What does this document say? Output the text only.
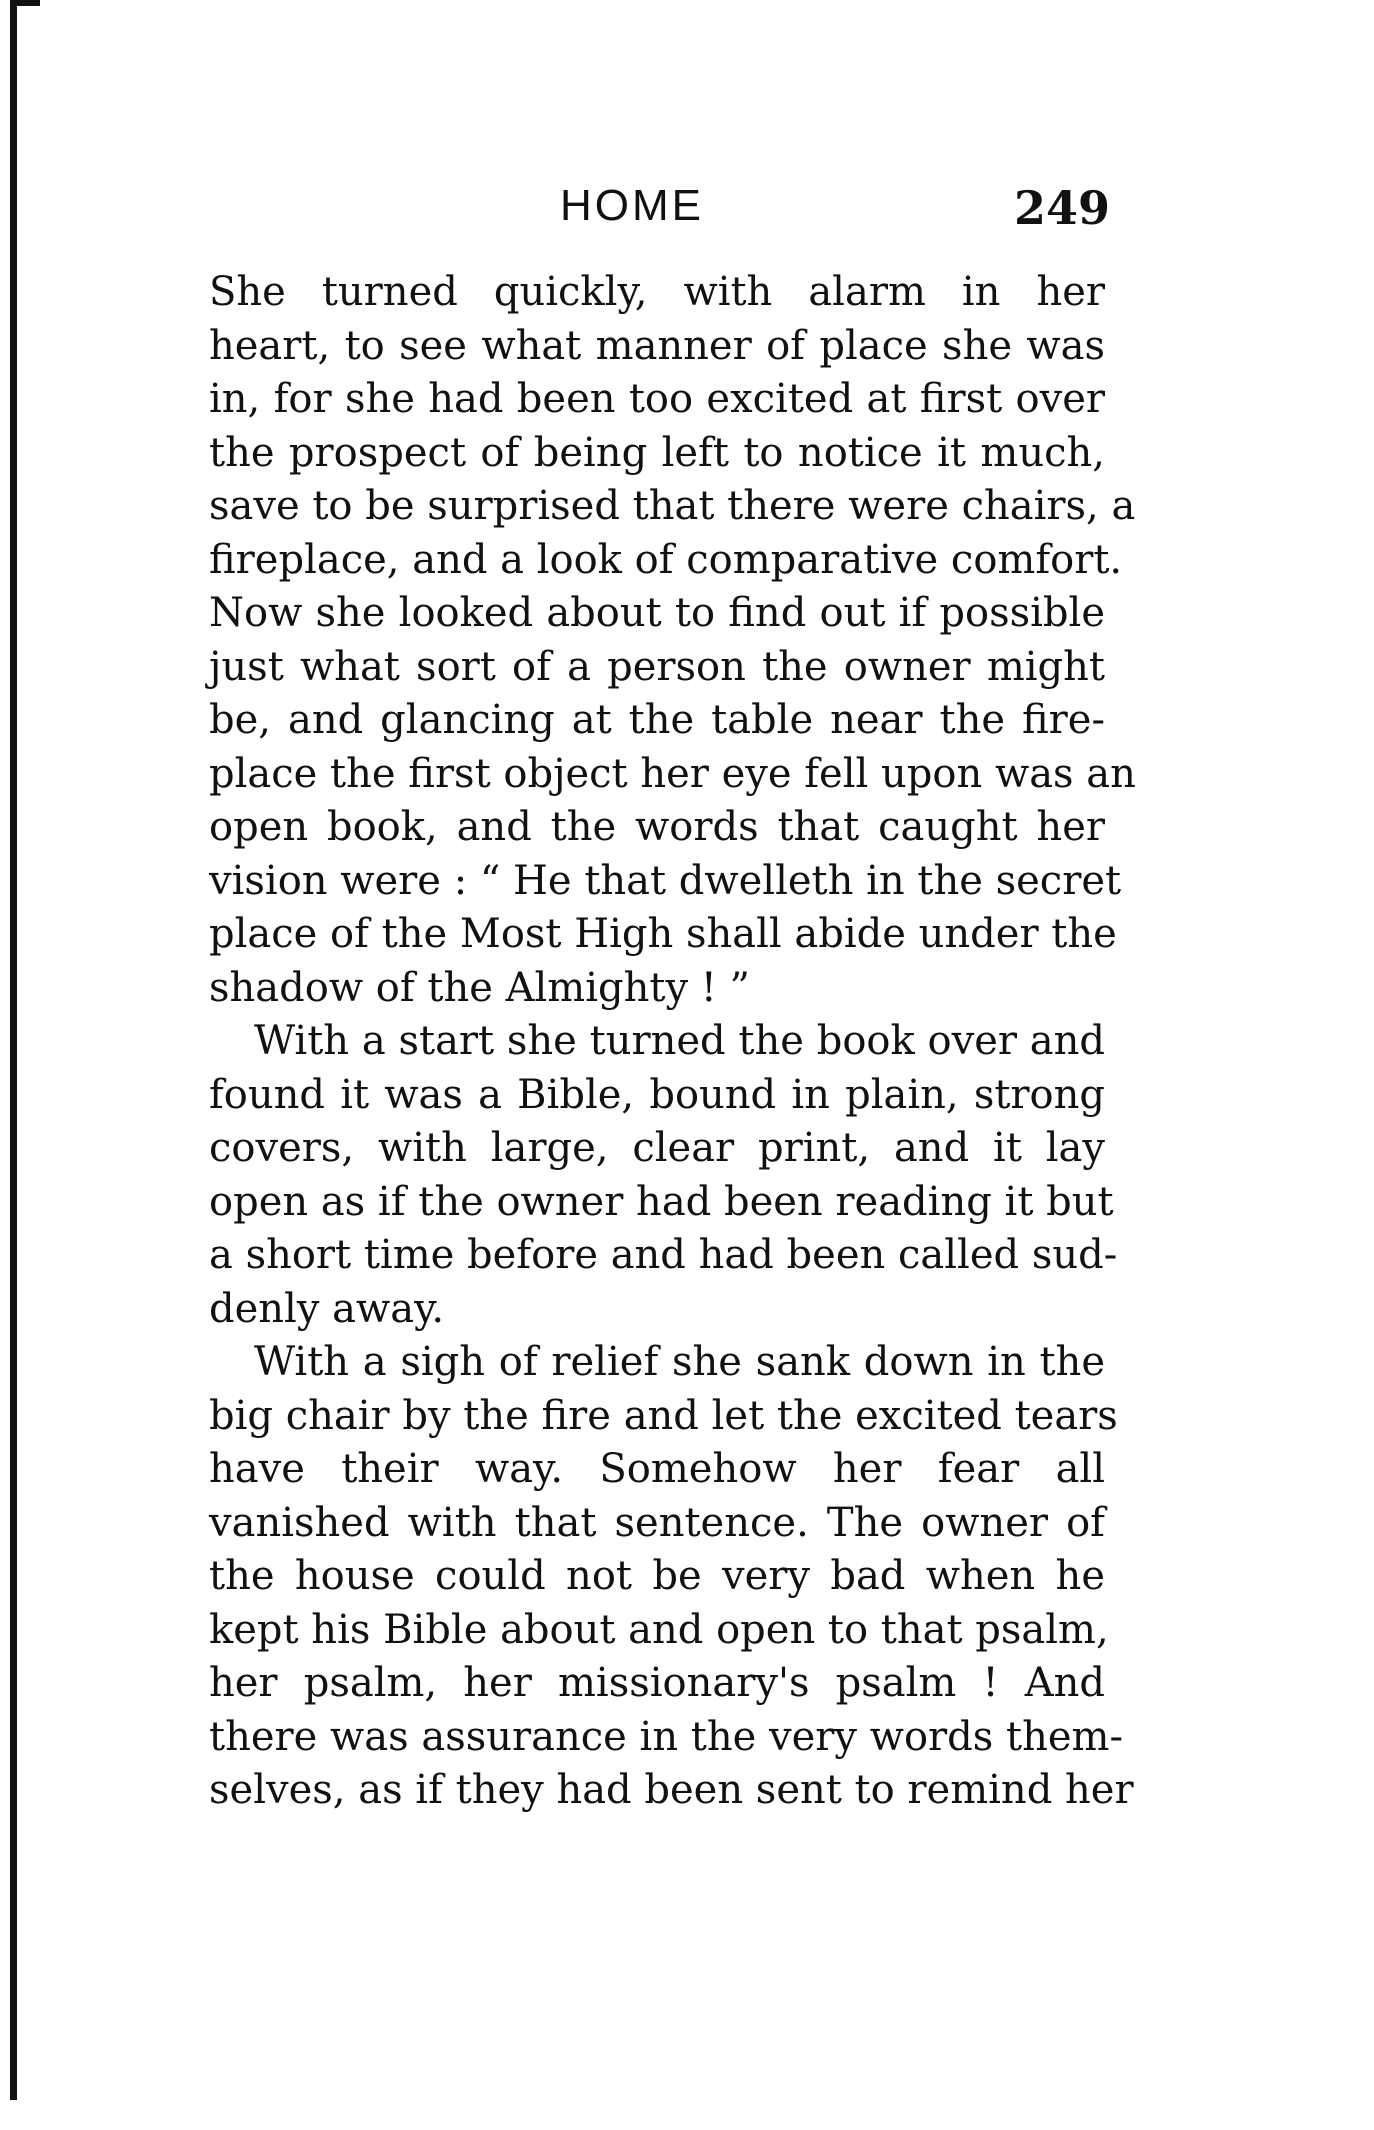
HOME	249
She turned quickly, with alarm in her
heart, to see what manner of place she was
in, for she had been too excited at first over
the prospect of being left to notice it much,
save to be surprised that there were chairs, a
fireplace, and a look of comparative comfort.
Now she looked about to find out if possible
just what sort of a person the owner might
be, and glancing at the table near the fire-
place the first object her eye fell upon was an
open book, and the words that caught her
vision were : “ He that dwelleth in the secret
place of the Most High shall abide under the
shadow of the Almighty ! ”
With a start she turned the book over and
found it was a Bible, bound in plain, strong
covers, with large, clear print, and it lay
open as if the owner had been reading it but
a short time before and had been called sud-
denly away.
With a sigh of relief she sank down in the
big chair by the fire and let the excited tears
have their way. Somehow her fear all
vanished with that sentence. The owner of
the house could not be very bad when he
kept his Bible about and open to that psalm,
her psalm, her missionary's psalm ! And
there was assurance in the very words them-
selves, as if they had been sent to remind her
